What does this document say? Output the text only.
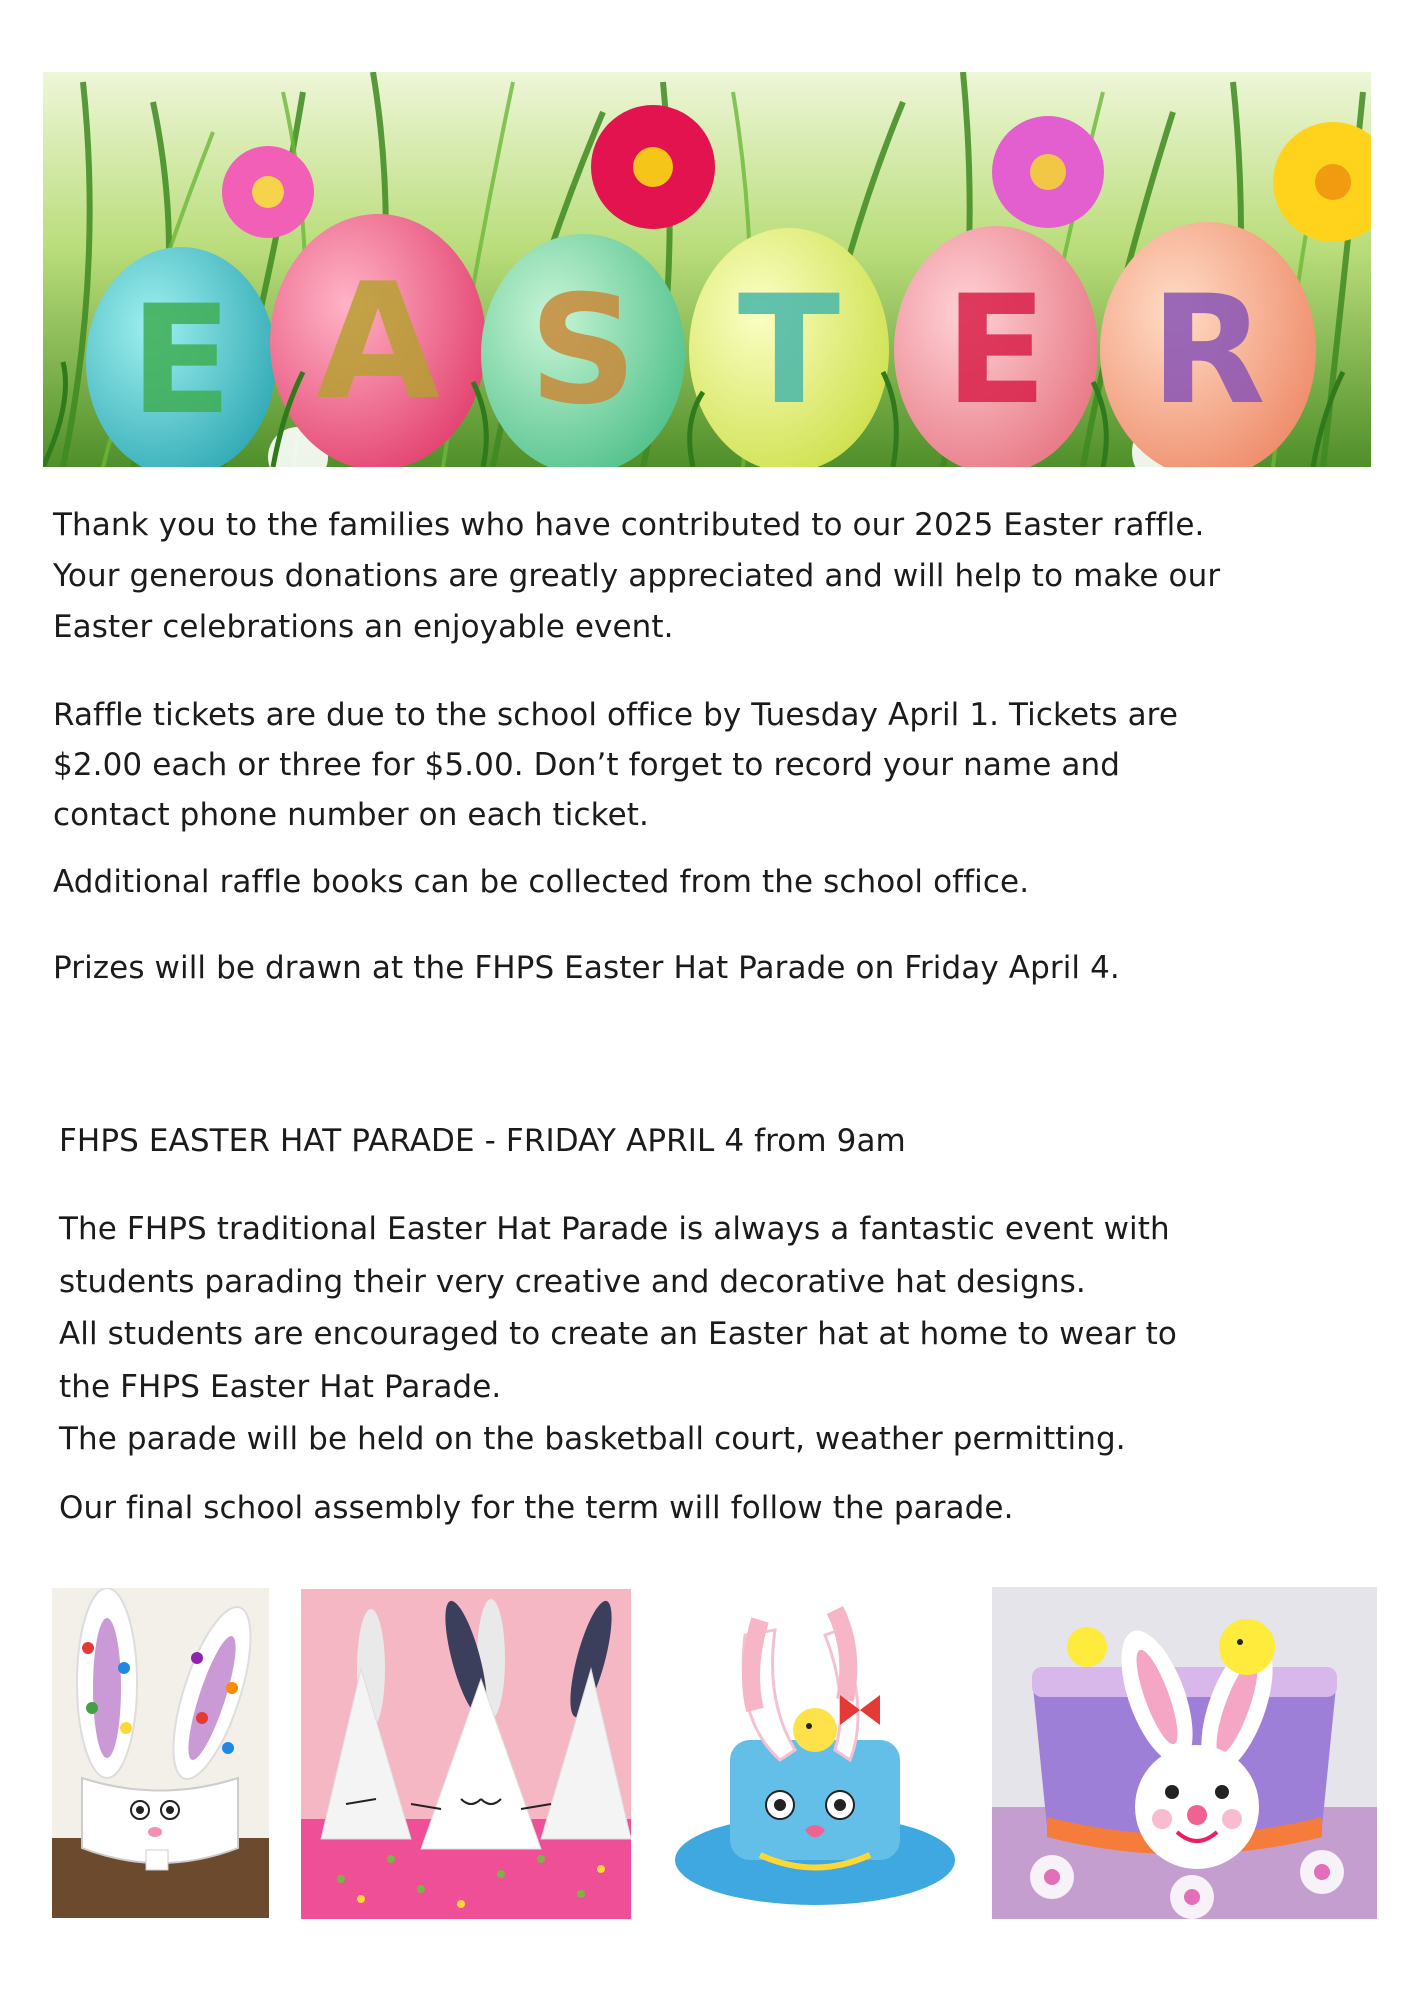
E A S T E R
Thank you to the families who have contributed to our 2025 Easter raffle.
Your generous donations are greatly appreciated and will help to make our
Easter celebrations an enjoyable event.
Raffle tickets are due to the school office by Tuesday April 1. Tickets are
$2.00 each or three for $5.00. Don’t forget to record your name and
contact phone number on each ticket.
Additional raffle books can be collected from the school office.
Prizes will be drawn at the FHPS Easter Hat Parade on Friday April 4.
FHPS EASTER HAT PARADE - FRIDAY APRIL 4 from 9am
The FHPS traditional Easter Hat Parade is always a fantastic event with
students parading their very creative and decorative hat designs.
All students are encouraged to create an Easter hat at home to wear to
the FHPS Easter Hat Parade.
The parade will be held on the basketball court, weather permitting.
Our final school assembly for the term will follow the parade.
